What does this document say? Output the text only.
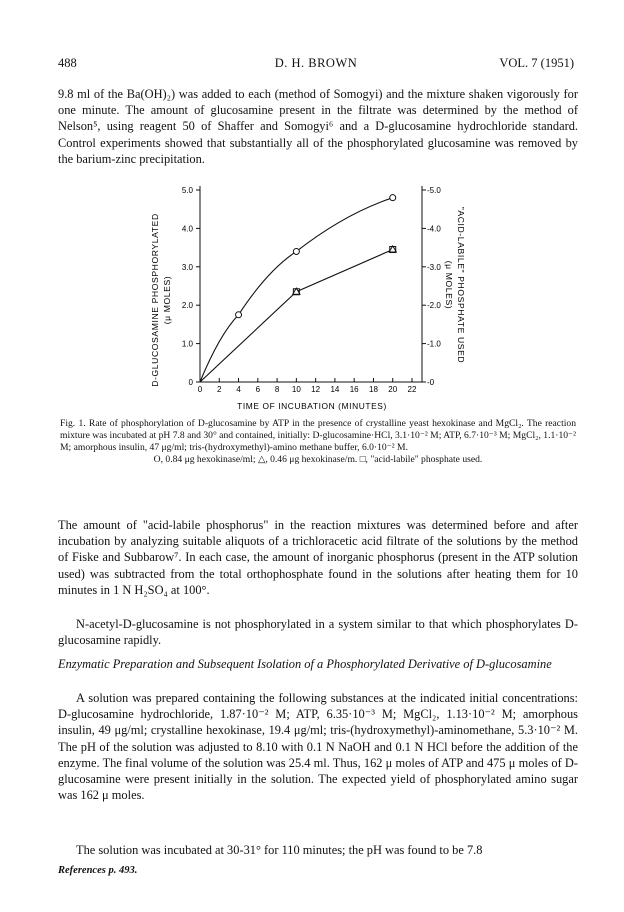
488	D. H. BROWN	VOL. 7 (1951)

9.8 ml of the Ba(OH)₂) was added to each (method of Somogyi) and the mixture shaken vigorously for one minute. The amount of glucosamine present in the filtrate was determined by the method of Nelson⁵, using reagent 50 of Shaffer and Somogyi⁶ and a D-glucosamine hydrochloride standard. Control experiments showed that substantially all of the phosphorylated glucosamine was removed by the barium-zinc precipitation.

0 2 4 6 8 10 12 14 16 18 20 22
0
1.0
2.0
3.0
4.0
5.0
-0
-1.0
-2.0
-3.0
-4.0
-5.0
D-GLUCOSAMINE PHOSPHORYLATED (μ MOLES)	"ACID-LABILE" PHOSPHATE USED
(μ MOLES)
TIME OF INCUBATION (MINUTES)

Fig. 1. Rate of phosphorylation of D-glucosamine by ATP in the presence of crystalline yeast hexokinase and MgCl₂. The reaction mixture was incubated at pH 7.8 and 30° and contained, initially: D-glucosamine·HCl, 3.1·10⁻² M; ATP, 6.7·10⁻³ M; MgCl₂, 1.1·10⁻² M; amorphous insulin, 47 μg/ml; tris-(hydroxymethyl)-amino methane buffer, 6.0·10⁻² M.
O, 0.84 μg hexokinase/ml; △, 0.46 μg hexokinase/m. □, "acid-labile" phosphate used.

The amount of "acid-labile phosphorus" in the reaction mixtures was determined before and after incubation by analyzing suitable aliquots of a trichloracetic acid filtrate of the solutions by the method of Fiske and Subbarow⁷. In each case, the amount of inorganic phosphorus (present in the ATP solution used) was subtracted from the total orthophosphate found in the solutions after heating them for 10 minutes in 1 N H₂SO₄ at 100°.

N-acetyl-D-glucosamine is not phosphorylated in a system similar to that which phosphorylates D-glucosamine rapidly.

Enzymatic Preparation and Subsequent Isolation of a Phosphorylated Derivative of D-glucosamine

A solution was prepared containing the following substances at the indicated initial concentrations: D-glucosamine hydrochloride, 1.87·10⁻² M; ATP, 6.35·10⁻³ M; MgCl₂, 1.13·10⁻² M; amorphous insulin, 49 μg/ml; crystalline hexokinase, 19.4 μg/ml; tris-(hydroxymethyl)-aminomethane, 5.3·10⁻² M. The pH of the solution was adjusted to 8.10 with 0.1 N NaOH and 0.1 N HCl before the addition of the enzyme. The final volume of the solution was 25.4 ml. Thus, 162 μ moles of ATP and 475 μ moles of D-glucosamine were present initially in the solution. The expected yield of phosphorylated amino sugar was 162 μ moles.

The solution was incubated at 30-31° for 110 minutes; the pH was found to be 7.8

References p. 493.
